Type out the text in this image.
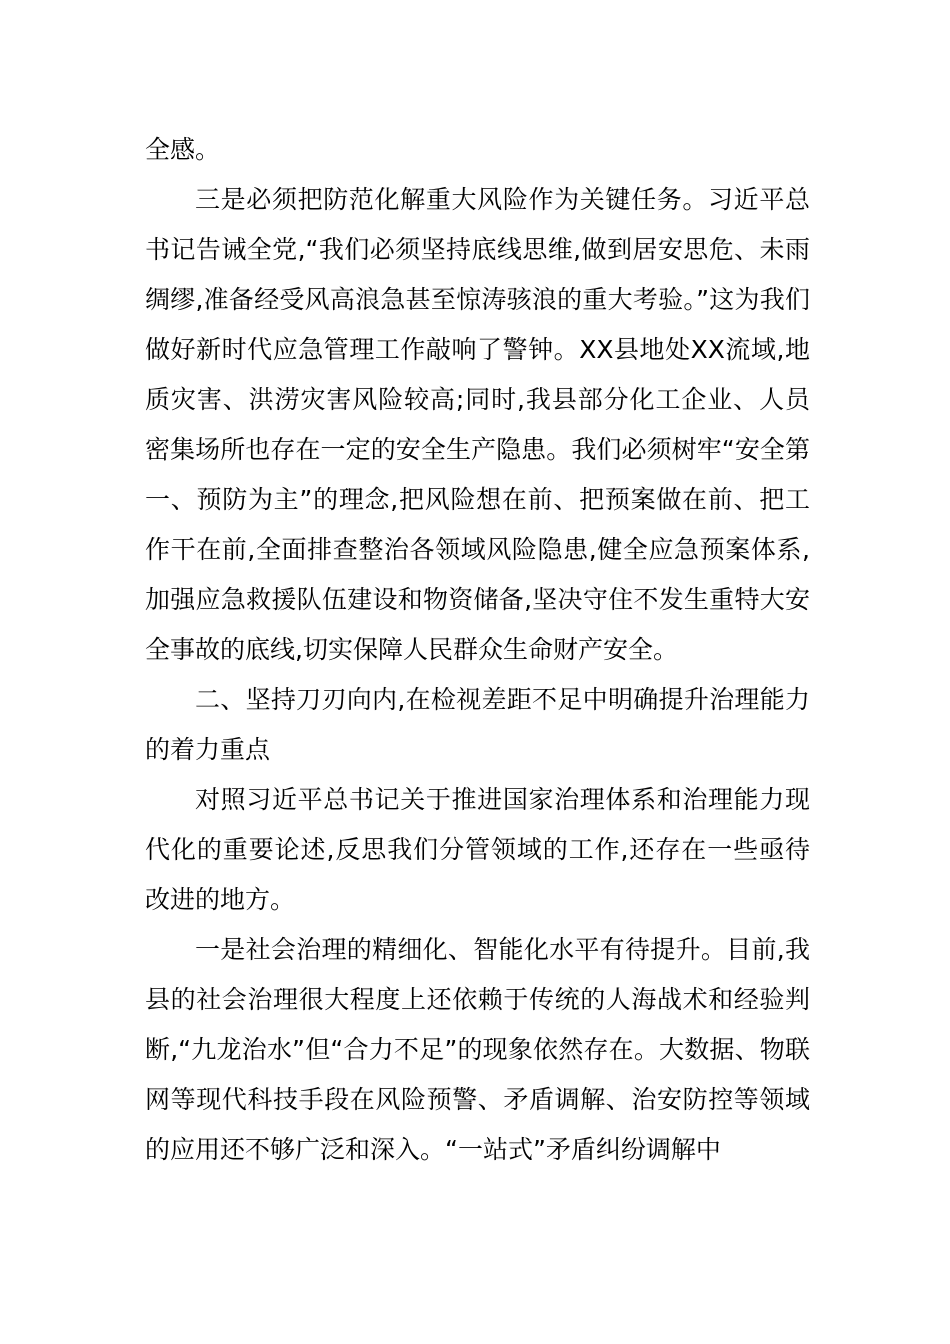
全感。

三是必须把防范化解重大风险作为关键任务。习近平总书记告诫全党,“我们必须坚持底线思维,做到居安思危、未雨绸缪,准备经受风高浪急甚至惊涛骇浪的重大考验。”这为我们做好新时代应急管理工作敲响了警钟。XX县地处XX流域,地质灾害、洪涝灾害风险较高;同时,我县部分化工企业、人员密集场所也存在一定的安全生产隐患。我们必须树牢“安全第一、预防为主”的理念,把风险想在前、把预案做在前、把工作干在前,全面排查整治各领域风险隐患,健全应急预案体系,加强应急救援队伍建设和物资储备,坚决守住不发生重特大安全事故的底线,切实保障人民群众生命财产安全。

二、坚持刀刃向内,在检视差距不足中明确提升治理能力的着力重点

对照习近平总书记关于推进国家治理体系和治理能力现代化的重要论述,反思我们分管领域的工作,还存在一些亟待改进的地方。

一是社会治理的精细化、智能化水平有待提升。目前,我县的社会治理很大程度上还依赖于传统的人海战术和经验判断,“九龙治水”但“合力不足”的现象依然存在。大数据、物联网等现代科技手段在风险预警、矛盾调解、治安防控等领域的应用还不够广泛和深入。“一站式”矛盾纠纷调解中
